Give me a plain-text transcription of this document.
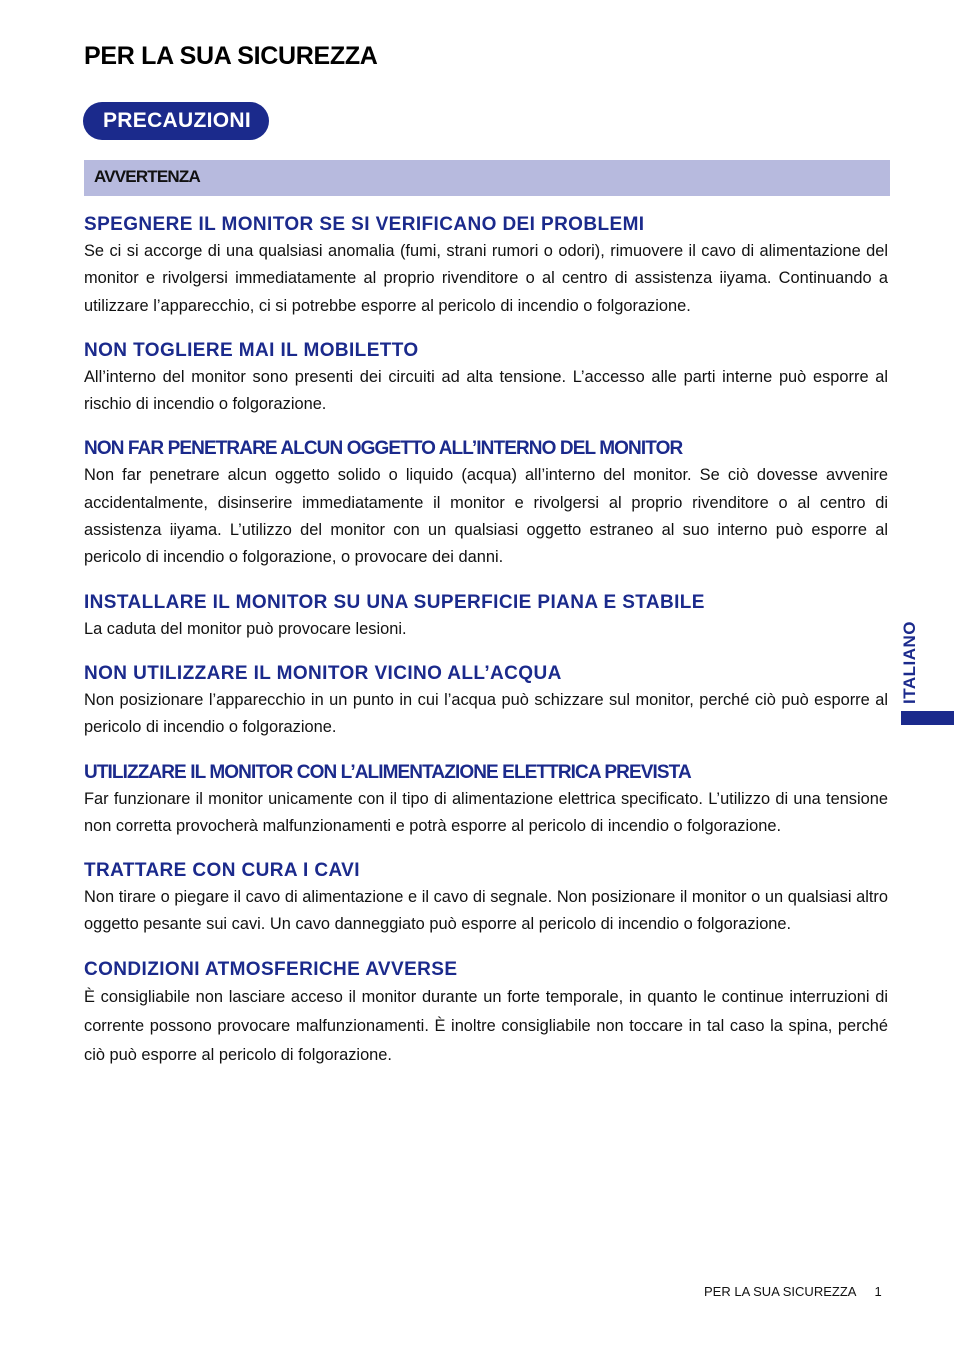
PER LA SUA SICUREZZA
PRECAUZIONI
AVVERTENZA
SPEGNERE IL MONITOR SE SI VERIFICANO DEI PROBLEMI

Se ci si accorge di una qualsiasi anomalia (fumi, strani rumori o odori), rimuovere il cavo di alimentazione del monitor e rivolgersi immediatamente al proprio rivenditore o al centro di assistenza iiyama. Continuando a utilizzare l’apparecchio, ci si potrebbe esporre al pericolo di incendio o folgorazione.

NON TOGLIERE MAI IL MOBILETTO

All’interno del monitor sono presenti dei circuiti ad alta tensione. L’accesso alle parti interne può esporre al rischio di incendio o folgorazione.

NON FAR PENETRARE ALCUN OGGETTO ALL’INTERNO DEL MONITOR

Non far penetrare alcun oggetto solido o liquido (acqua) all’interno del monitor. Se ciò dovesse avvenire accidentalmente, disinserire immediatamente il monitor e rivolgersi al proprio rivenditore o al centro di assistenza iiyama. L’utilizzo del monitor con un qualsiasi oggetto estraneo al suo interno può esporre al pericolo di incendio o folgorazione, o provocare dei danni.

INSTALLARE IL MONITOR SU UNA SUPERFICIE PIANA E STABILE

La caduta del monitor può provocare lesioni.

NON UTILIZZARE IL MONITOR VICINO ALL’ACQUA

Non posizionare l’apparecchio in un punto in cui l’acqua può schizzare sul monitor, perché ciò può esporre al pericolo di incendio o folgorazione.

UTILIZZARE IL MONITOR CON L’ALIMENTAZIONE ELETTRICA PREVISTA

Far funzionare il monitor unicamente con il tipo di alimentazione elettrica specificato. L’utilizzo di una tensione non corretta provocherà malfunzionamenti e potrà esporre al pericolo di incendio o folgorazione.

TRATTARE CON CURA I CAVI

Non tirare o piegare il cavo di alimentazione e il cavo di segnale. Non posizionare il monitor o un qualsiasi altro oggetto pesante sui cavi. Un cavo danneggiato può esporre al pericolo di incendio o folgorazione.

CONDIZIONI ATMOSFERICHE AVVERSE

È consigliabile non lasciare acceso il monitor durante un forte temporale, in quanto le continue interruzioni di corrente possono provocare malfunzionamenti. È inoltre consigliabile non toccare in tal caso la spina, perché ciò può esporre al pericolo di folgorazione.

ITALIANO
PER LA SUA SICUREZZA 1
